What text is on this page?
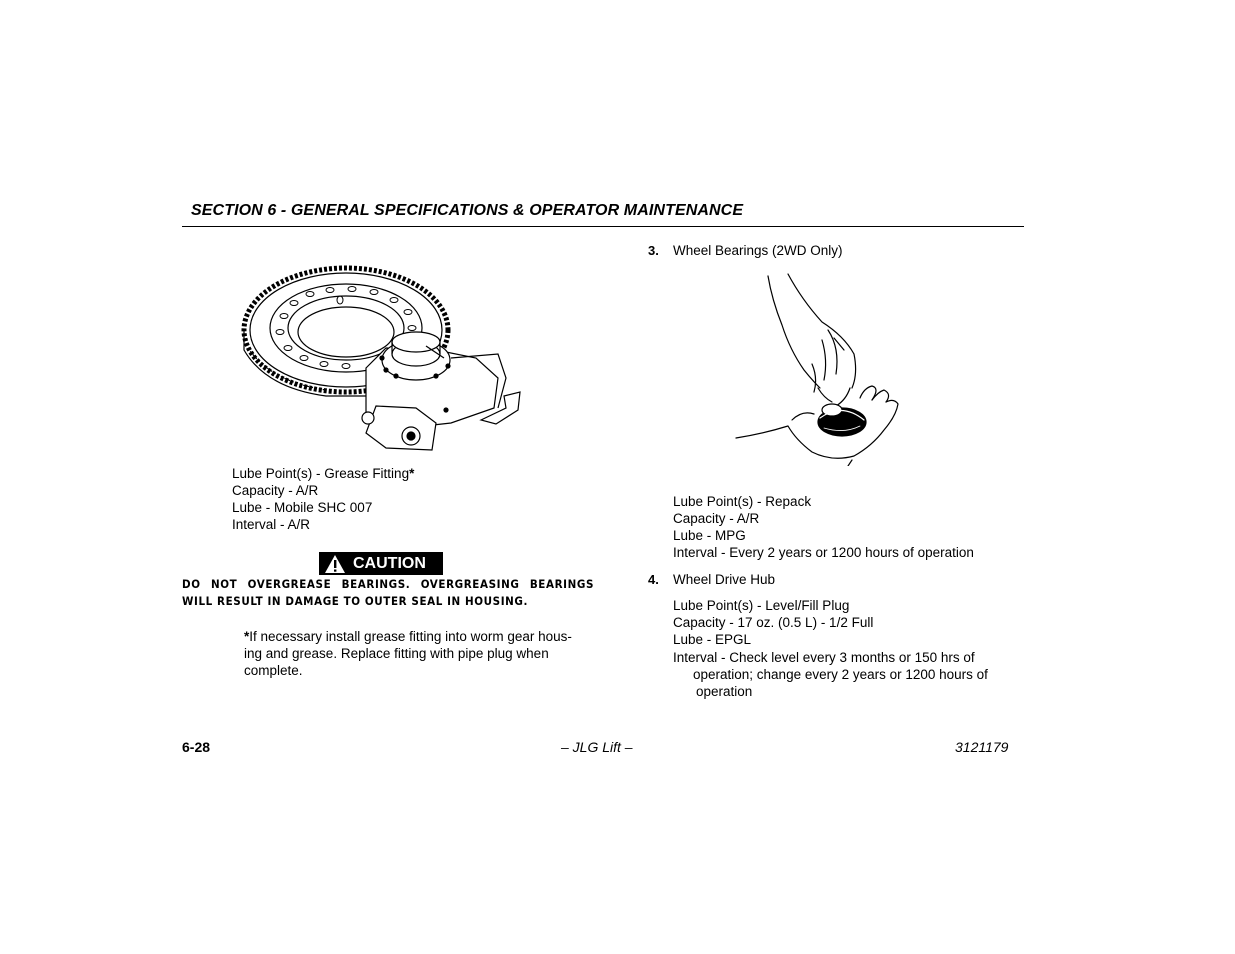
SECTION 6 - GENERAL SPECIFICATIONS & OPERATOR MAINTENANCE
Lube Point(s) - Grease Fitting*
Capacity - A/R
Lube - Mobile SHC 007
Interval - A/R
CAUTION
DO NOT OVERGREASE BEARINGS. OVERGREASING BEARINGS WILL RESULT IN DAMAGE TO OUTER SEAL IN HOUSING.
*If necessary install grease fitting into worm gear hous-
ing and grease. Replace fitting with pipe plug when
complete.
3. Wheel Bearings (2WD Only)
Lube Point(s) - Repack
Capacity - A/R
Lube - MPG
Interval - Every 2 years or 1200 hours of operation
4. Wheel Drive Hub
Lube Point(s) - Level/Fill Plug
Capacity - 17 oz. (0.5 L) - 1/2 Full
Lube - EPGL
Interval - Check level every 3 months or 150 hrs of
operation; change every 2 years or 1200 hours of
operation
6-28	– JLG Lift –	3121179
